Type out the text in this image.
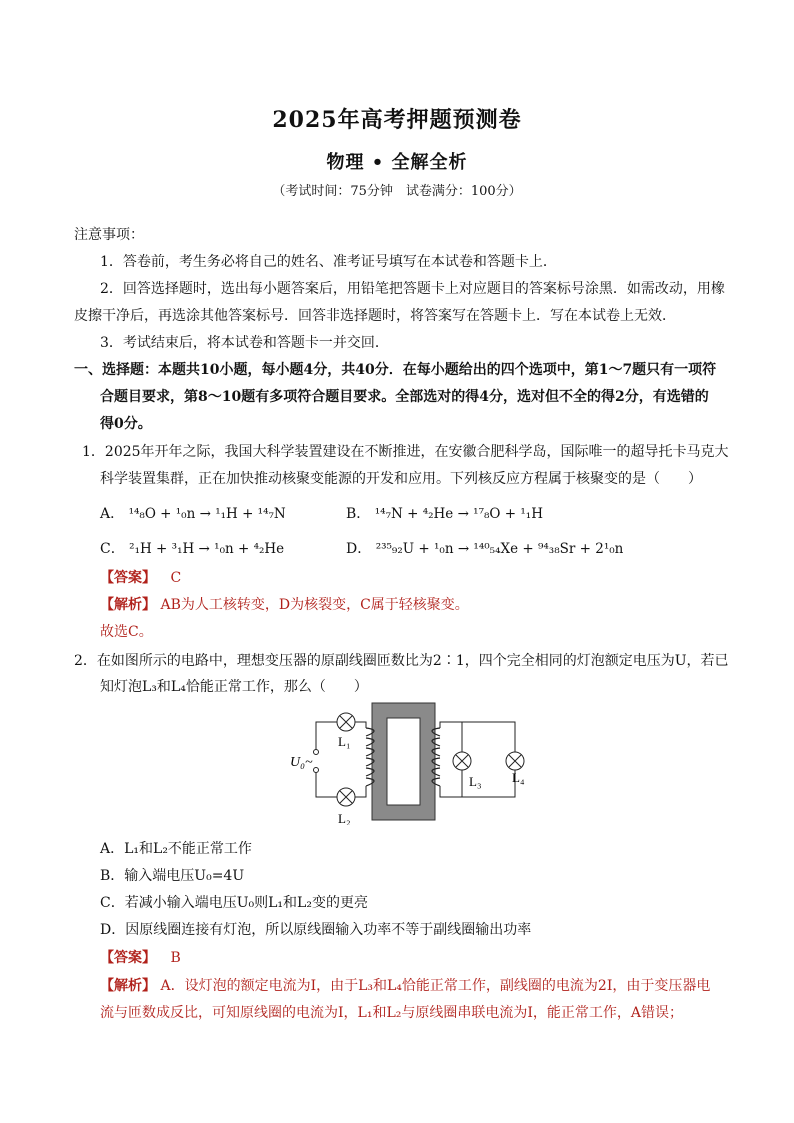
2025年高考押题预测卷
物理 • 全解全析
（考试时间：75分钟　试卷满分：100分）
注意事项：
1．答卷前，考生务必将自己的姓名、准考证号填写在本试卷和答题卡上．
2．回答选择题时，选出每小题答案后，用铅笔把答题卡上对应题目的答案标号涂黑．如需改动，用橡
皮擦干净后，再选涂其他答案标号．回答非选择题时，将答案写在答题卡上．写在本试卷上无效．
3．考试结束后，将本试卷和答题卡一并交回．
一、选择题：本题共10小题，每小题4分，共40分．在每小题给出的四个选项中，第1～7题只有一项符
合题目要求，第8～10题有多项符合题目要求。全部选对的得4分，选对但不全的得2分，有选错的
得0分。
1．2025年开年之际，我国大科学装置建设在不断推进，在安徽合肥科学岛，国际唯一的超导托卡马克大
科学装置集群，正在加快推动核聚变能源的开发和应用。下列核反应方程属于核聚变的是（　　）
A． ¹⁴₈O + ¹₀n → ¹₁H + ¹⁴₇N	B． ¹⁴₇N + ⁴₂He → ¹⁷₈O + ¹₁H
C． ²₁H + ³₁H → ¹₀n + ⁴₂He	D． ²³⁵₉₂U + ¹₀n → ¹⁴⁰₅₄Xe + ⁹⁴₃₈Sr + 2¹₀n
【答案】 C
【解析】 AB为人工核转变，D为核裂变，C属于轻核聚变。
故选C。
2．在如图所示的电路中，理想变压器的原副线圈匝数比为2∶1，四个完全相同的灯泡额定电压为U，若已
知灯泡L₃和L₄恰能正常工作，那么（　　）
U₀~
L₁
L₂
L₃ L₄
A．L₁和L₂不能正常工作
B．输入端电压U₀=4U
C．若减小输入端电压U₀则L₁和L₂变的更亮
D．因原线圈连接有灯泡，所以原线圈输入功率不等于副线圈输出功率
【答案】 B
【解析】 A．设灯泡的额定电流为I，由于L₃和L₄恰能正常工作，副线圈的电流为2I，由于变压器电
流与匝数成反比，可知原线圈的电流为I，L₁和L₂与原线圈串联电流为I，能正常工作，A错误；
